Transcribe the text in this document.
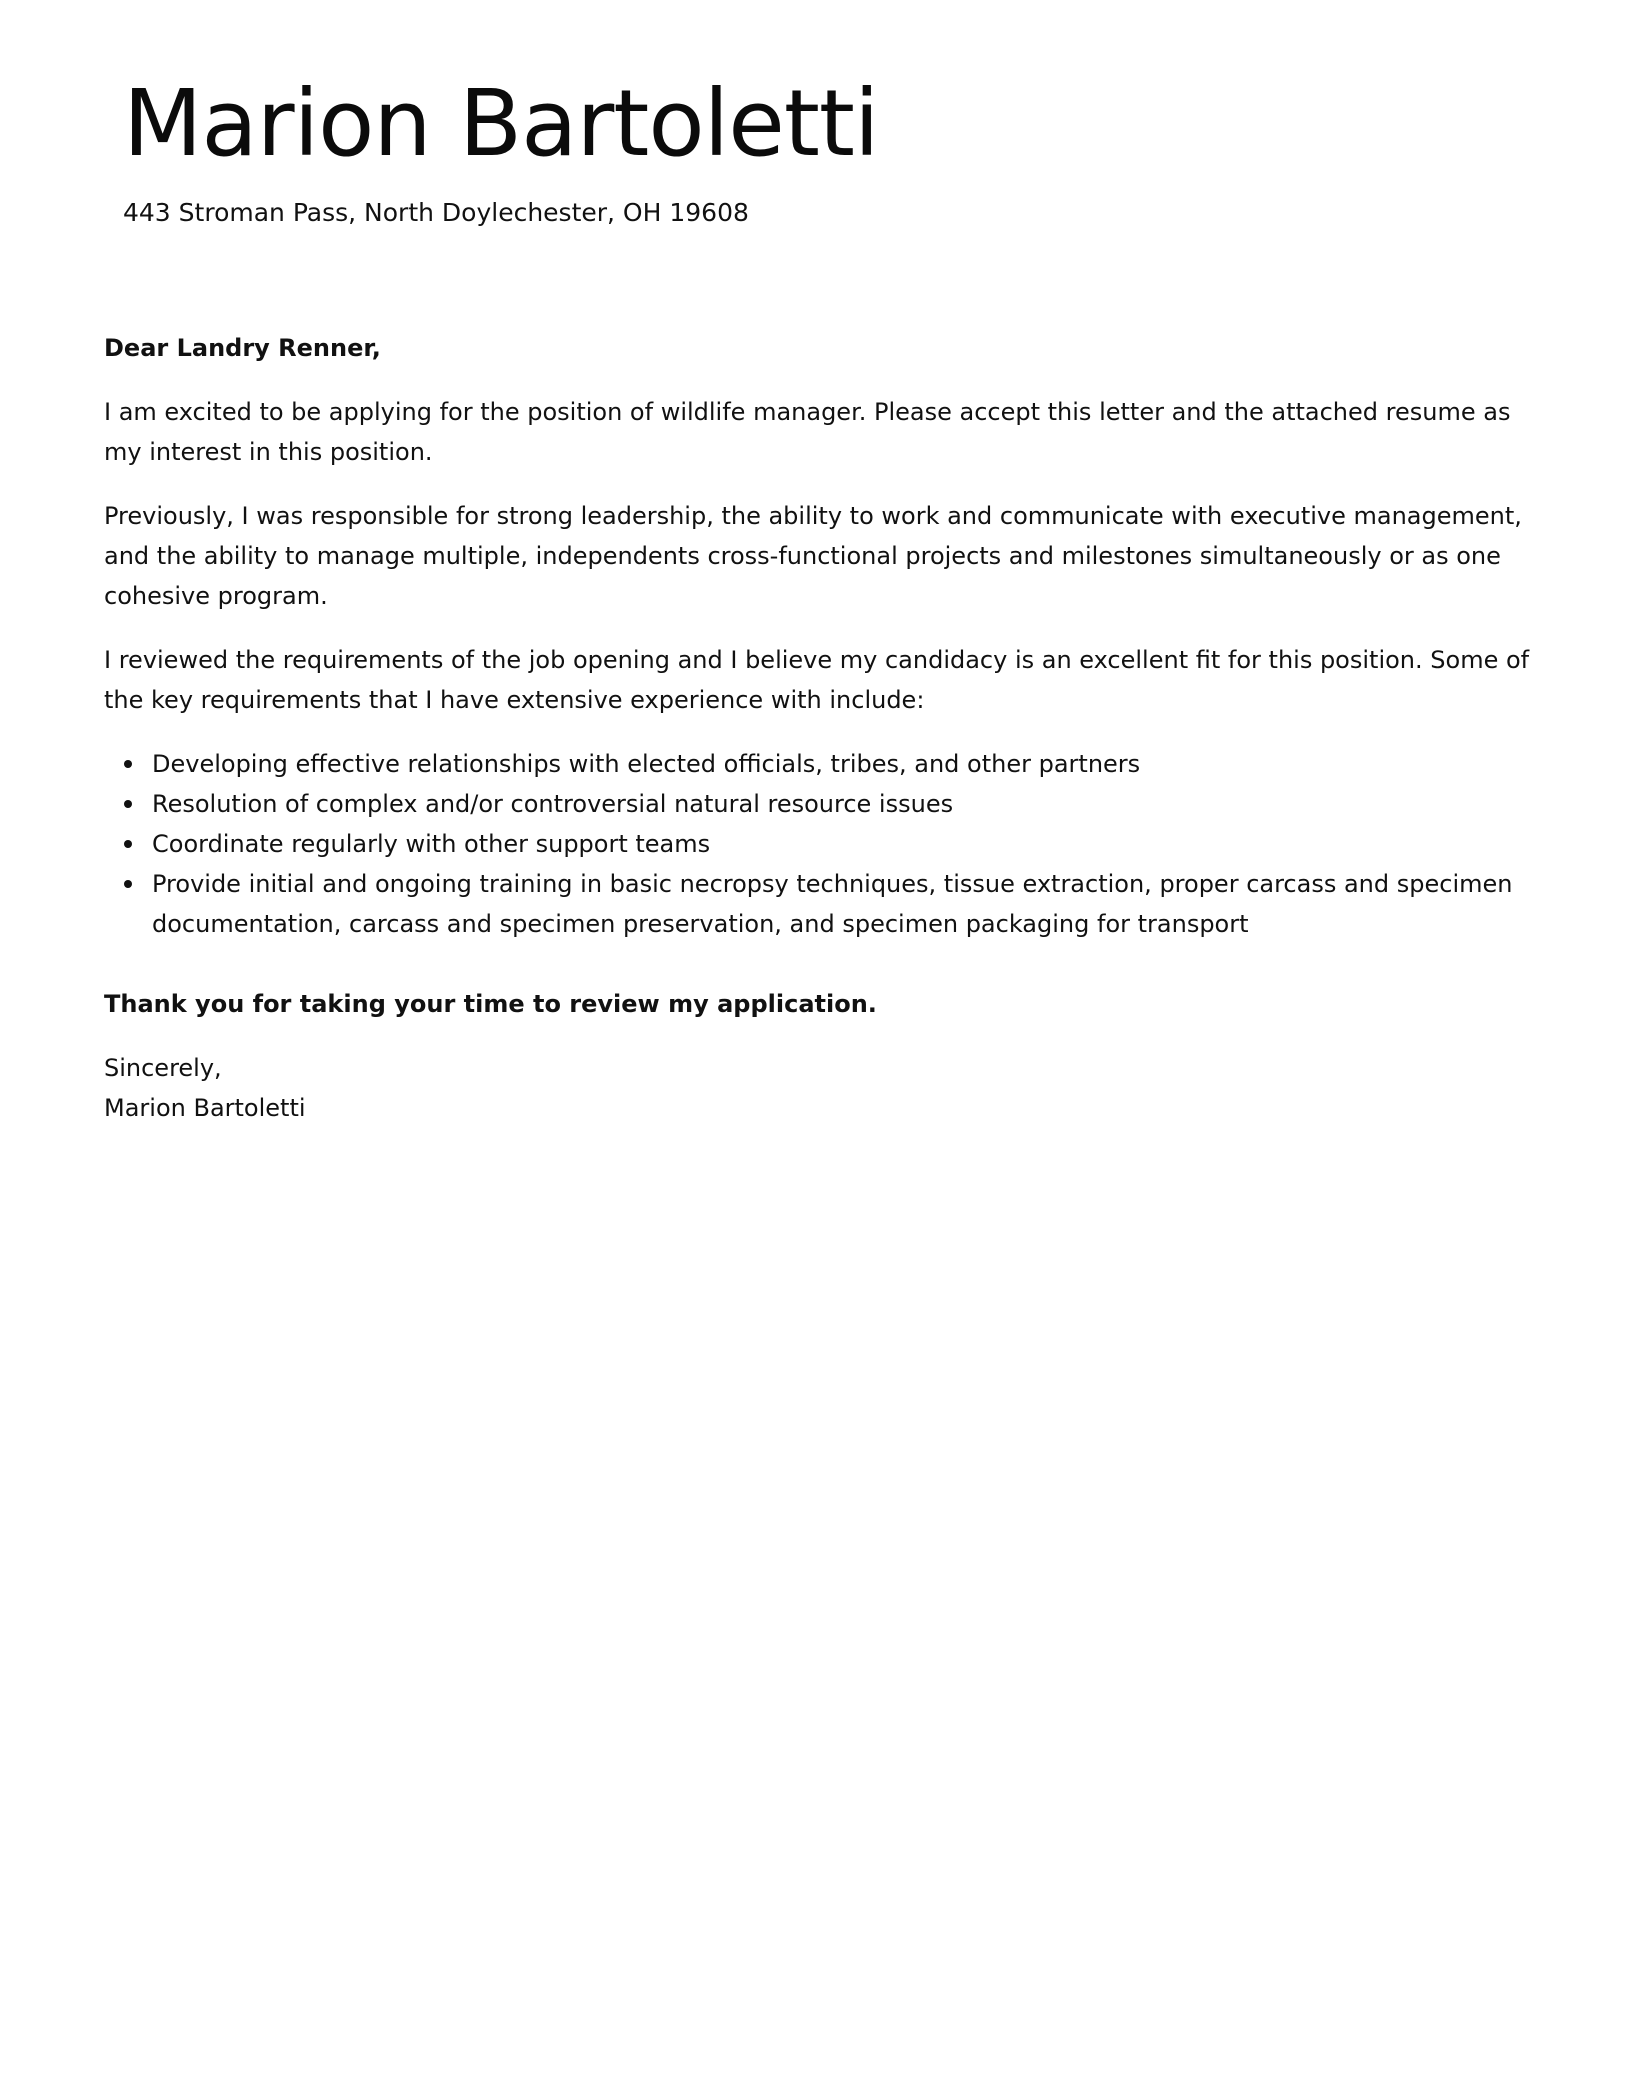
Marion Bartoletti

443 Stroman Pass, North Doylechester, OH 19608

Dear Landry Renner,

I am excited to be applying for the position of wildlife manager. Please accept this letter and the attached resume as my interest in this position.

Previously, I was responsible for strong leadership, the ability to work and communicate with executive management, and the ability to manage multiple, independents cross-functional projects and milestones simultaneously or as one cohesive program.

I reviewed the requirements of the job opening and I believe my candidacy is an excellent fit for this position. Some of the key requirements that I have extensive experience with include:

Developing effective relationships with elected officials, tribes, and other partners
Resolution of complex and/or controversial natural resource issues
Coordinate regularly with other support teams
Provide initial and ongoing training in basic necropsy techniques, tissue extraction, proper carcass and specimen documentation, carcass and specimen preservation, and specimen packaging for transport

Thank you for taking your time to review my application.

Sincerely,
Marion Bartoletti
